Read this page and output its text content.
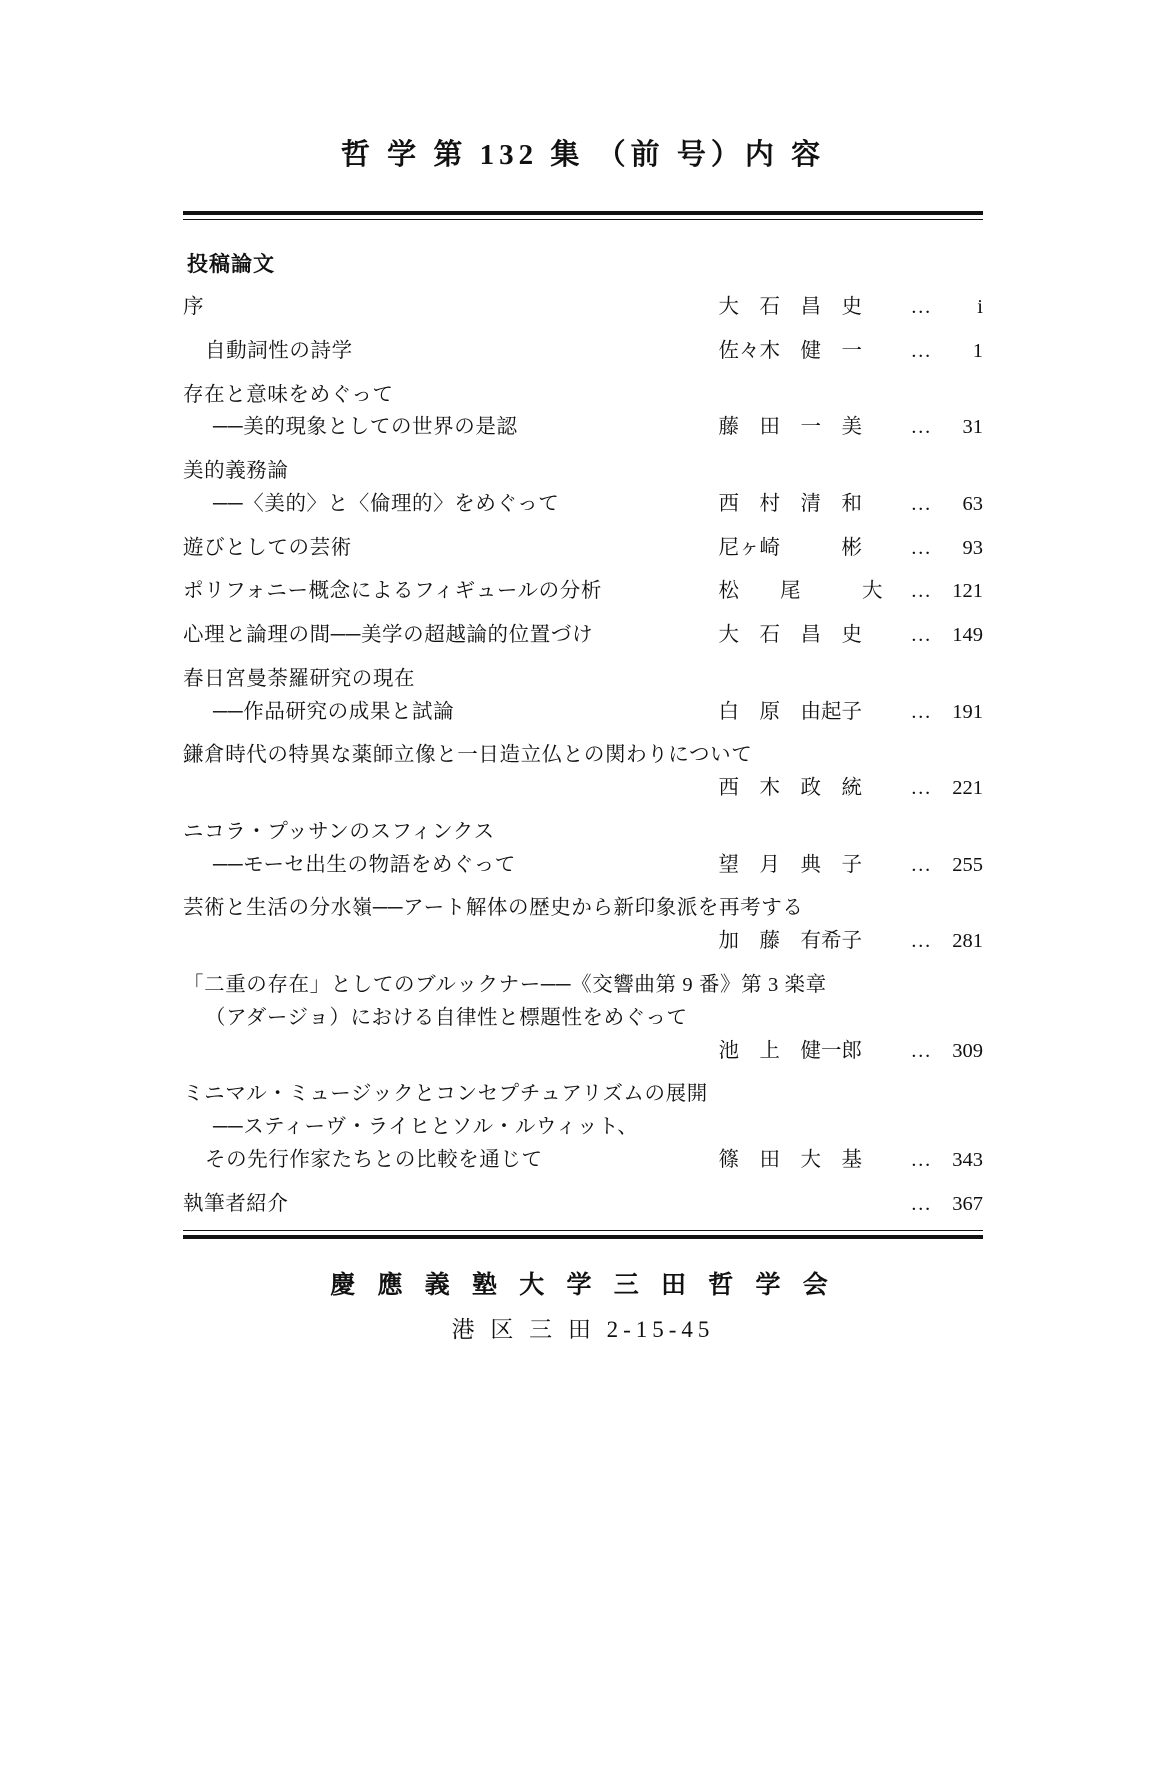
哲 学 第 132 集 （前 号）内 容
投稿論文
序	大　石　昌　史	…	i
自動詞性の詩学	佐々木　健　一	…	1
存在と意味をめぐって
──美的現象としての世界の是認	藤　田　一　美	…	31
美的義務論
──〈美的〉と〈倫理的〉をめぐって	西　村　清　和	…	63
遊びとしての芸術	尼ヶ崎　　　彬	…	93
ポリフォニー概念によるフィギュールの分析	松　　尾　　　大	…	121
心理と論理の間──美学の超越論的位置づけ	大　石　昌　史	…	149
春日宮曼荼羅研究の現在
──作品研究の成果と試論	白　原　由起子	…	191
鎌倉時代の特異な薬師立像と一日造立仏との関わりについて
西　木　政　統	…	221
ニコラ・プッサンのスフィンクス
──モーセ出生の物語をめぐって	望　月　典　子	…	255
芸術と生活の分水嶺──アート解体の歴史から新印象派を再考する
加　藤　有希子	…	281
「二重の存在」としてのブルックナー──《交響曲第 9 番》第 3 楽章
（アダージョ）における自律性と標題性をめぐって
池　上　健一郎	…	309
ミニマル・ミュージックとコンセプチュアリズムの展開
──スティーヴ・ライヒとソル・ルウィット、
その先行作家たちとの比較を通じて	篠　田　大　基	…	343
執筆者紹介	…	367
慶 應 義 塾 大 学 三 田 哲 学 会
港 区 三 田 2-15-45
